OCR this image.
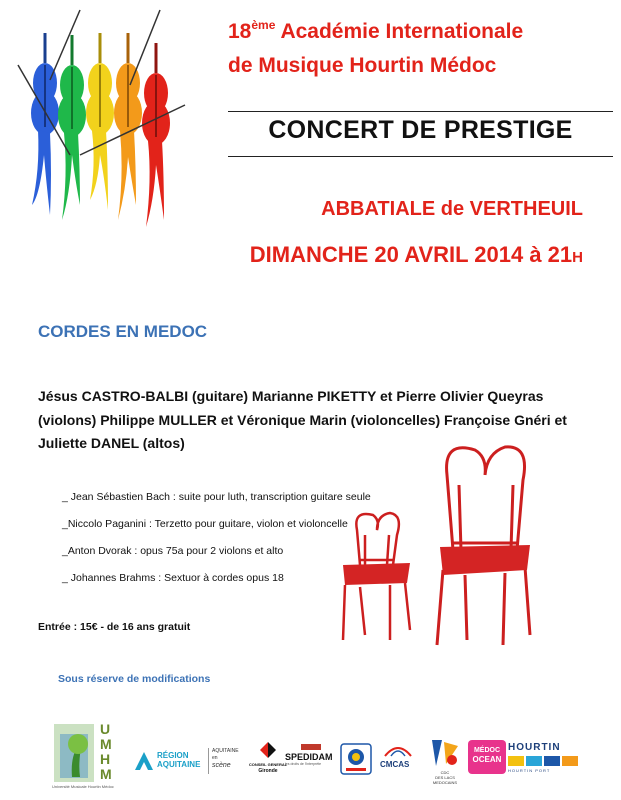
18ème Académie Internationale
de Musique Hourtin Médoc
CONCERT DE PRESTIGE
ABBATIALE de VERTHEUIL
DIMANCHE 20 AVRIL 2014 à 21H
CORDES EN MEDOC
Jésus CASTRO-BALBI (guitare) Marianne PIKETTY et Pierre Olivier Queyras (violons) Philippe MULLER et Véronique Marin (violoncelles) Françoise Gnéri et Juliette DANEL (altos)
_ Jean Sébastien Bach : suite pour luth, transcription guitare seule
_Niccolo Paganini : Terzetto pour guitare, violon et violoncelle
_Anton Dvorak : opus 75a pour 2 violons et alto
_ Johannes Brahms : Sextuor à cordes opus 18
Entrée : 15€ - de 16 ans gratuit
Sous réserve de modifications
U
M
H
M
Université Musicale Hourtin Médoc
RÉGION
AQUITAINE
AQUITAINE
en
scène	CONSEIL GENERAL
Gironde
SPEDIDAM
les droits de l'interprète	CMCAS
CDC
DES LACS MEDOCAINS
MÉDOC
OCEAN
HOURTIN
HOURTIN PORT
